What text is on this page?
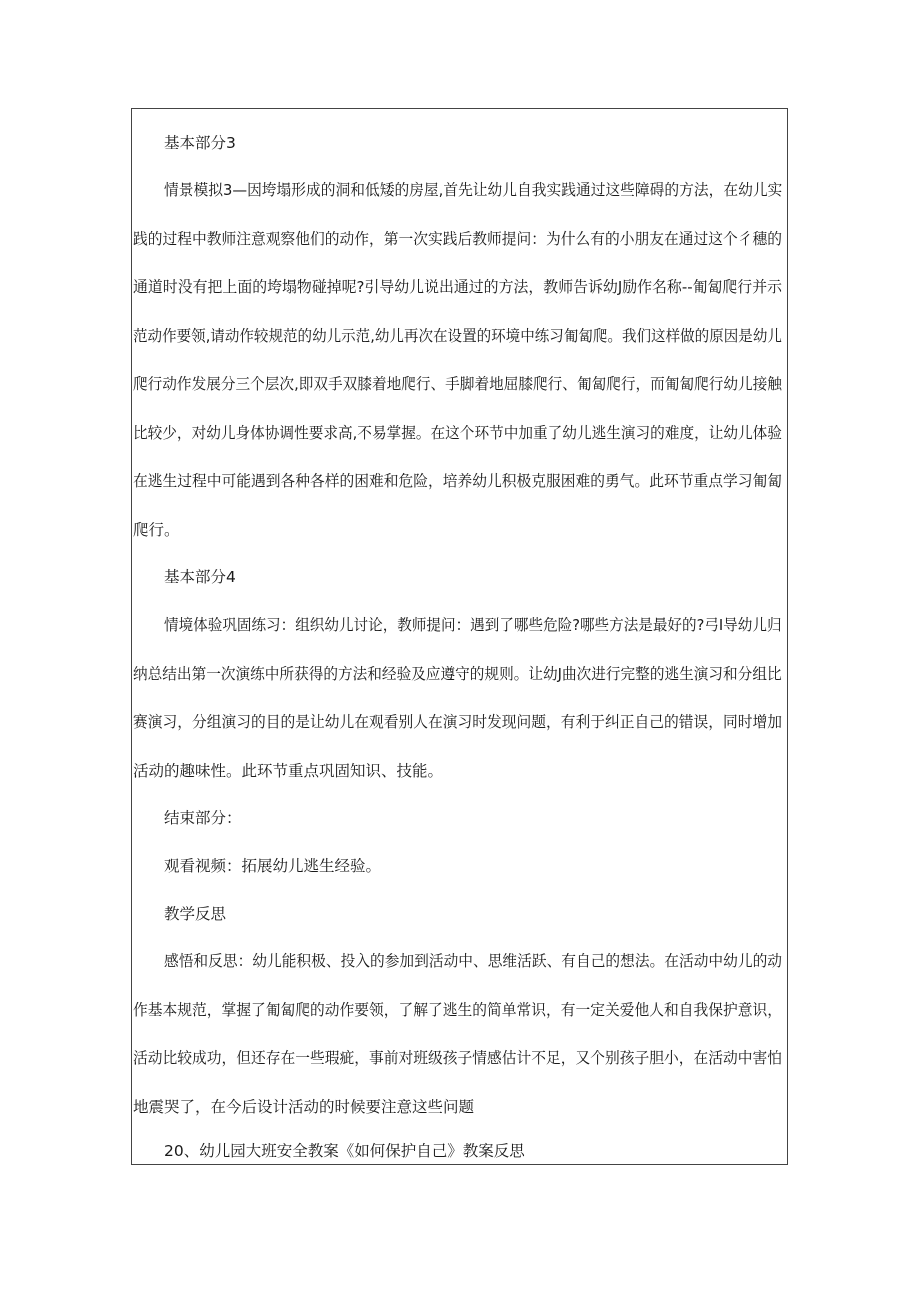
基本部分3

情景模拟3—因垮塌形成的洞和低矮的房屋,首先让幼儿自我实践通过这些障碍的方法，在幼儿实

践的过程中教师注意观察他们的动作，第一次实践后教师提问：为什么有的小朋友在通过这个彳穗的

通道时没有把上面的垮塌物碰掉呢?引导幼儿说出通过的方法，教师告诉幼J励作名称--匍匐爬行并示

范动作要领,请动作较规范的幼儿示范,幼儿再次在设置的环境中练习匍匐爬。我们这样做的原因是幼儿

爬行动作发展分三个层次,即双手双膝着地爬行、手脚着地屈膝爬行、匍匐爬行，而匍匐爬行幼儿接触

比较少，对幼儿身体协调性要求高,不易掌握。在这个环节中加重了幼儿逃生演习的难度，让幼儿体验

在逃生过程中可能遇到各种各样的困难和危险，培养幼儿积极克服困难的勇气。此环节重点学习匍匐

爬行。

基本部分4

情境体验巩固练习：组织幼儿讨论，教师提问：遇到了哪些危险?哪些方法是最好的?弓I导幼儿归

纳总结出第一次演练中所获得的方法和经验及应遵守的规则。让幼J曲次进行完整的逃生演习和分组比

赛演习，分组演习的目的是让幼儿在观看别人在演习时发现问题，有利于纠正自己的错误，同时增加

活动的趣味性。此环节重点巩固知识、技能。

结束部分：

观看视频：拓展幼儿逃生经验。

教学反思

感悟和反思：幼儿能积极、投入的参加到活动中、思维活跃、有自己的想法。在活动中幼儿的动

作基本规范，掌握了匍匐爬的动作要领，了解了逃生的简单常识，有一定关爱他人和自我保护意识，

活动比较成功，但还存在一些瑕疵，事前对班级孩子情感估计不足，又个别孩子胆小，在活动中害怕

地震哭了，在今后设计活动的时候要注意这些问题

20、幼儿园大班安全教案《如何保护自己》教案反思
